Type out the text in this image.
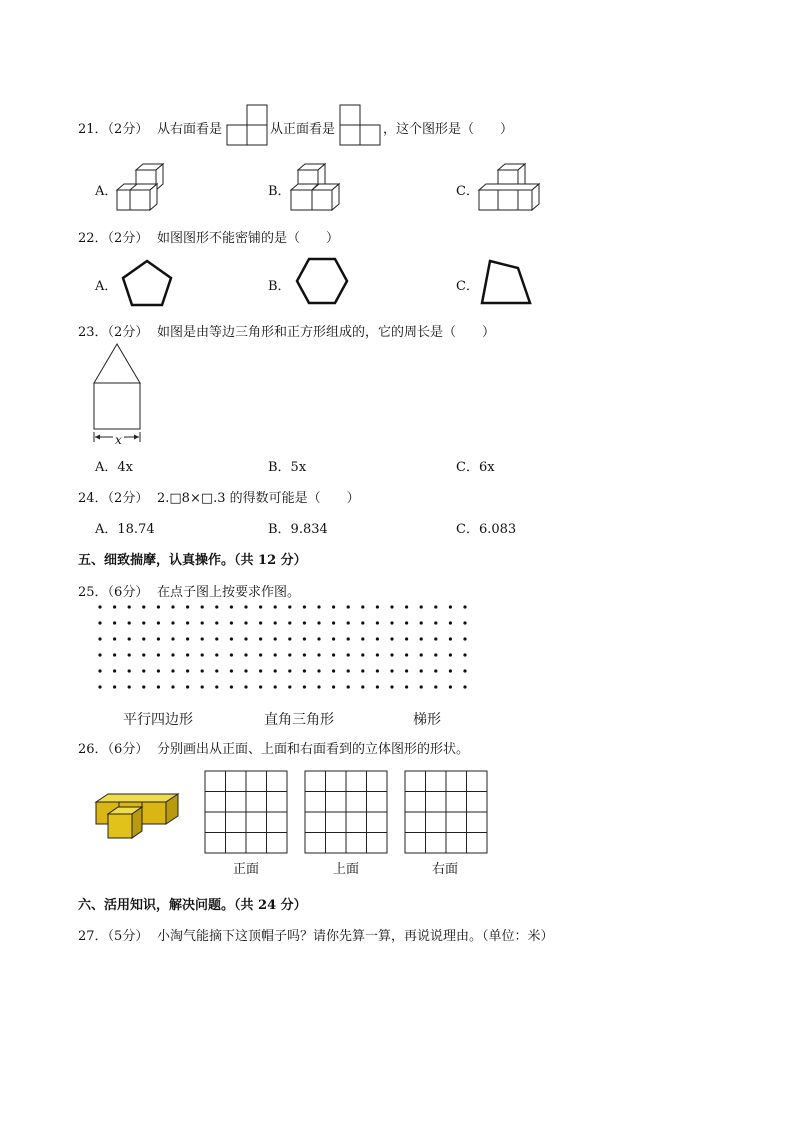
21．（2分） 从右面看是	从正面看是	，这个图形是（　　）
A．	B．	C．
22．（2分） 如图图形不能密铺的是（　　）
A．	B．	C．
23．（2分） 如图是由等边三角形和正方形组成的，它的周长是（　　）
x
A．4x	B．5x	C．6x
24．（2分） 2.□8×□.3 的得数可能是（　　）
A．18.74	B．9.834	C．6.083
五、细致揣摩，认真操作。（共 12 分）
25．（6分） 在点子图上按要求作图。
平行四边形	直角三角形	梯形
26．（6分） 分别画出从正面、上面和右面看到的立体图形的形状。
正面	上面	右面
六、活用知识，解决问题。（共 24 分）
27．（5分） 小淘气能摘下这顶帽子吗？请你先算一算，再说说理由。（单位：米）
